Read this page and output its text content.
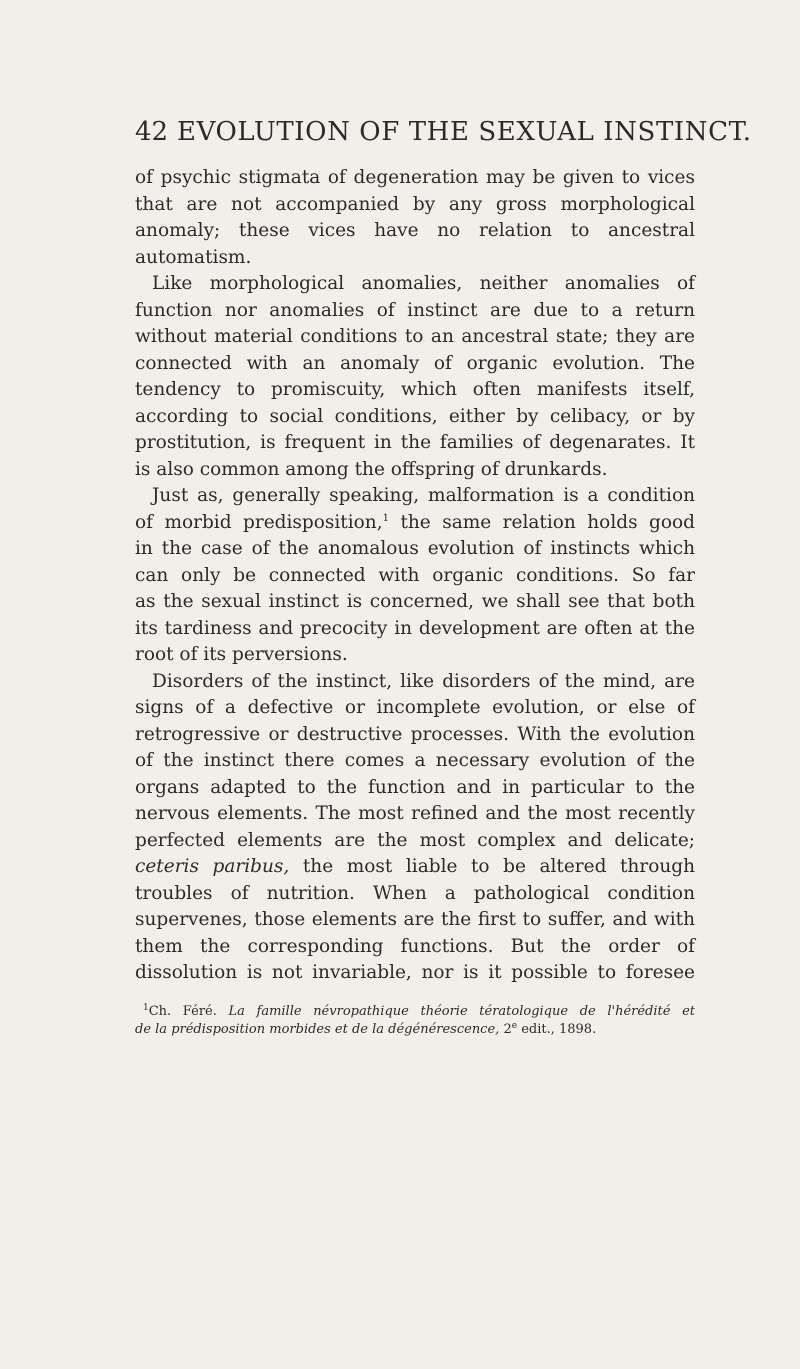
42 EVOLUTION OF THE SEXUAL INSTINCT.
of psychic stigmata of degeneration may be given to vices
that are not accompanied by any gross morphological
anomaly; these vices have no relation to ancestral
automatism.
Like morphological anomalies, neither anomalies of
function nor anomalies of instinct are due to a return
without material conditions to an ancestral state; they are
connected with an anomaly of organic evolution. The
tendency to promiscuity, which often manifests itself,
according to social conditions, either by celibacy, or by
prostitution, is frequent in the families of degenarates. It
is also common among the offspring of drunkards.
Just as, generally speaking, malformation is a condition
of morbid predisposition,$^1$ the same relation holds good
in the case of the anomalous evolution of instincts which
can only be connected with organic conditions. So far
as the sexual instinct is concerned, we shall see that both
its tardiness and precocity in development are often at the
root of its perversions.
Disorders of the instinct, like disorders of the mind, are
signs of a defective or incomplete evolution, or else of
retrogressive or destructive processes. With the evolution
of the instinct there comes a necessary evolution of the
organs adapted to the function and in particular to the
nervous elements. The most refined and the most recently
perfected elements are the most complex and delicate;
ceteris paribus, the most liable to be altered through
troubles of nutrition. When a pathological condition
supervenes, those elements are the first to suffer, and with
them the corresponding functions. But the order of
dissolution is not invariable, nor is it possible to foresee
$^1$Ch. Féré. La famille névropathique théorie tératologique de l'hérédité et
de la prédisposition morbides et de la dégénérescence, 2e edit., 1898.
